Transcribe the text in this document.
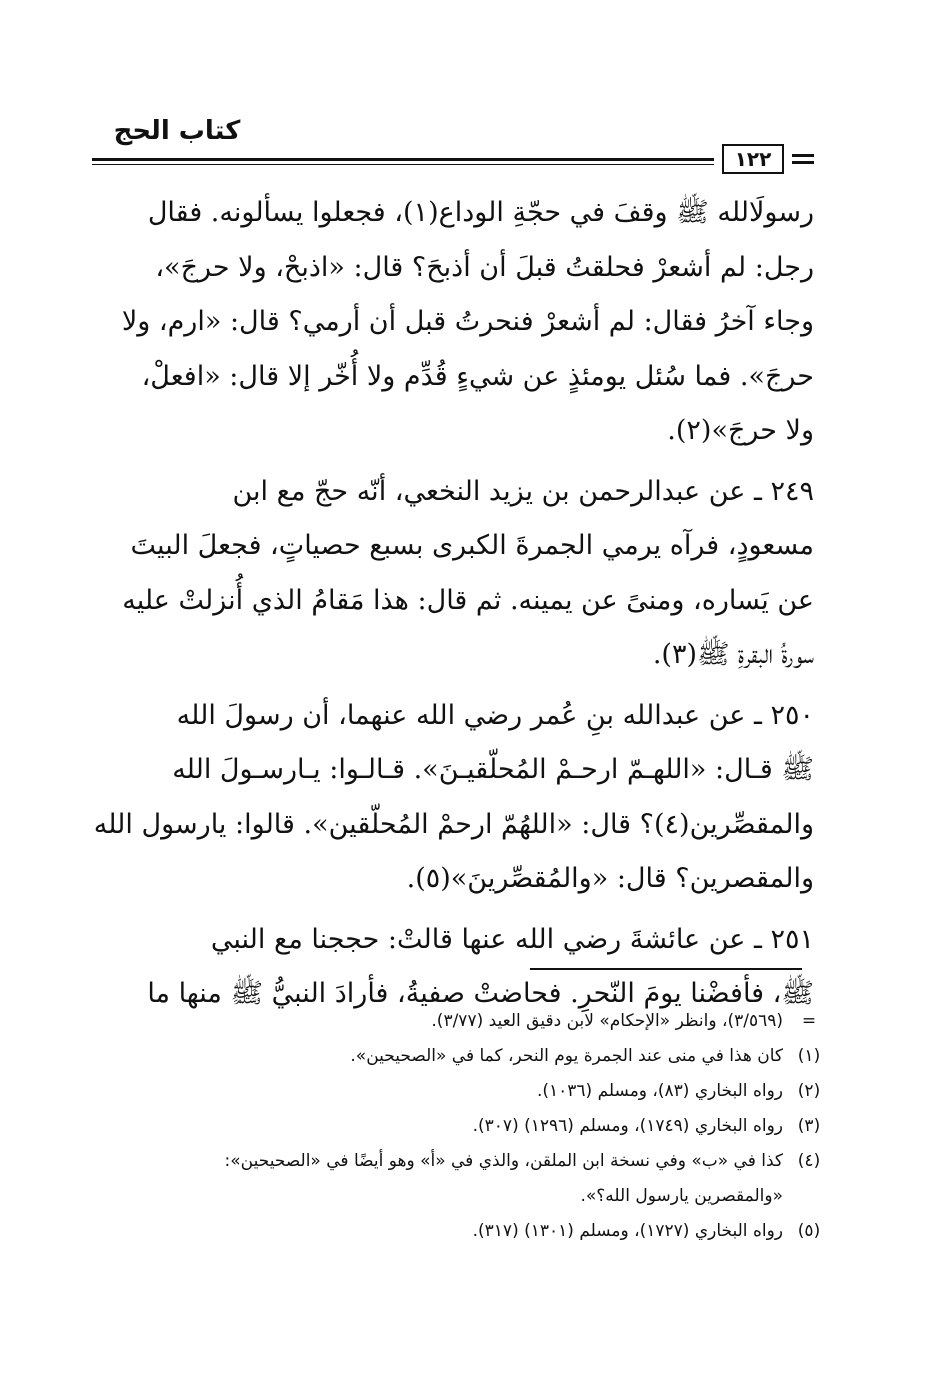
كتاب الحج
١٢٢
رسولَالله ﷺ وقفَ في حجّةِ الوداع(١)، فجعلوا يسألونه. فقال
رجل: لم أشعرْ فحلقتُ قبلَ أن أذبحَ؟ قال: «اذبحْ، ولا حرجَ»،
وجاء آخرُ فقال: لم أشعرْ فنحرتُ قبل أن أرمي؟ قال: «ارم، ولا
حرجَ». فما سُئل يومئذٍ عن شيءٍ قُدِّم ولا أُخّر إلا قال: «افعلْ،
ولا حرجَ»(٢).
٢٤٩ ـ عن عبدالرحمن بن يزيد النخعي، أنّه حجّ مع ابن
مسعودٍ، فرآه يرمي الجمرةَ الكبرى بسبع حصياتٍ، فجعلَ البيتَ
عن يَساره، ومنىً عن يمينه. ثم قال: هذا مَقامُ الذي أُنزلتْ عليه
سورةُ البقرةِ ﷺ(٣).
٢٥٠ ـ عن عبدالله بنِ عُمر رضي الله عنهما، أن رسولَ الله
ﷺ قـال: «اللهـمّ ارحـمْ المُحلّقيـنَ». قـالـوا: يـارسـولَ الله
والمقصِّرين(٤)؟ قال: «اللهُمّ ارحمْ المُحلّقين». قالوا: يارسول الله
والمقصرين؟ قال: «والمُقصِّرينَ»(٥).
٢٥١ ـ عن عائشةَ رضي الله عنها قالتْ: حججنا مع النبي
ﷺ، فأفضْنا يومَ النّحرِ. فحاضتْ صفيةُ، فأرادَ النبيُّ ﷺ منها ما
=
(٣/٥٦٩)، وانظر «الإحكام» لابن دقيق العيد (٣/٧٧).
(١)
كان هذا في منى عند الجمرة يوم النحر، كما في «الصحيحين».
(٢)
رواه البخاري (٨٣)، ومسلم (١٠٣٦).
(٣)
رواه البخاري (١٧٤٩)، ومسلم (١٢٩٦) (٣٠٧).
(٤)
كذا في «ب» وفي نسخة ابن الملقن، والذي في «أ» وهو أيضًا في «الصحيحين»:
«والمقصرين يارسول الله؟».
(٥)
رواه البخاري (١٧٢٧)، ومسلم (١٣٠١) (٣١٧).
